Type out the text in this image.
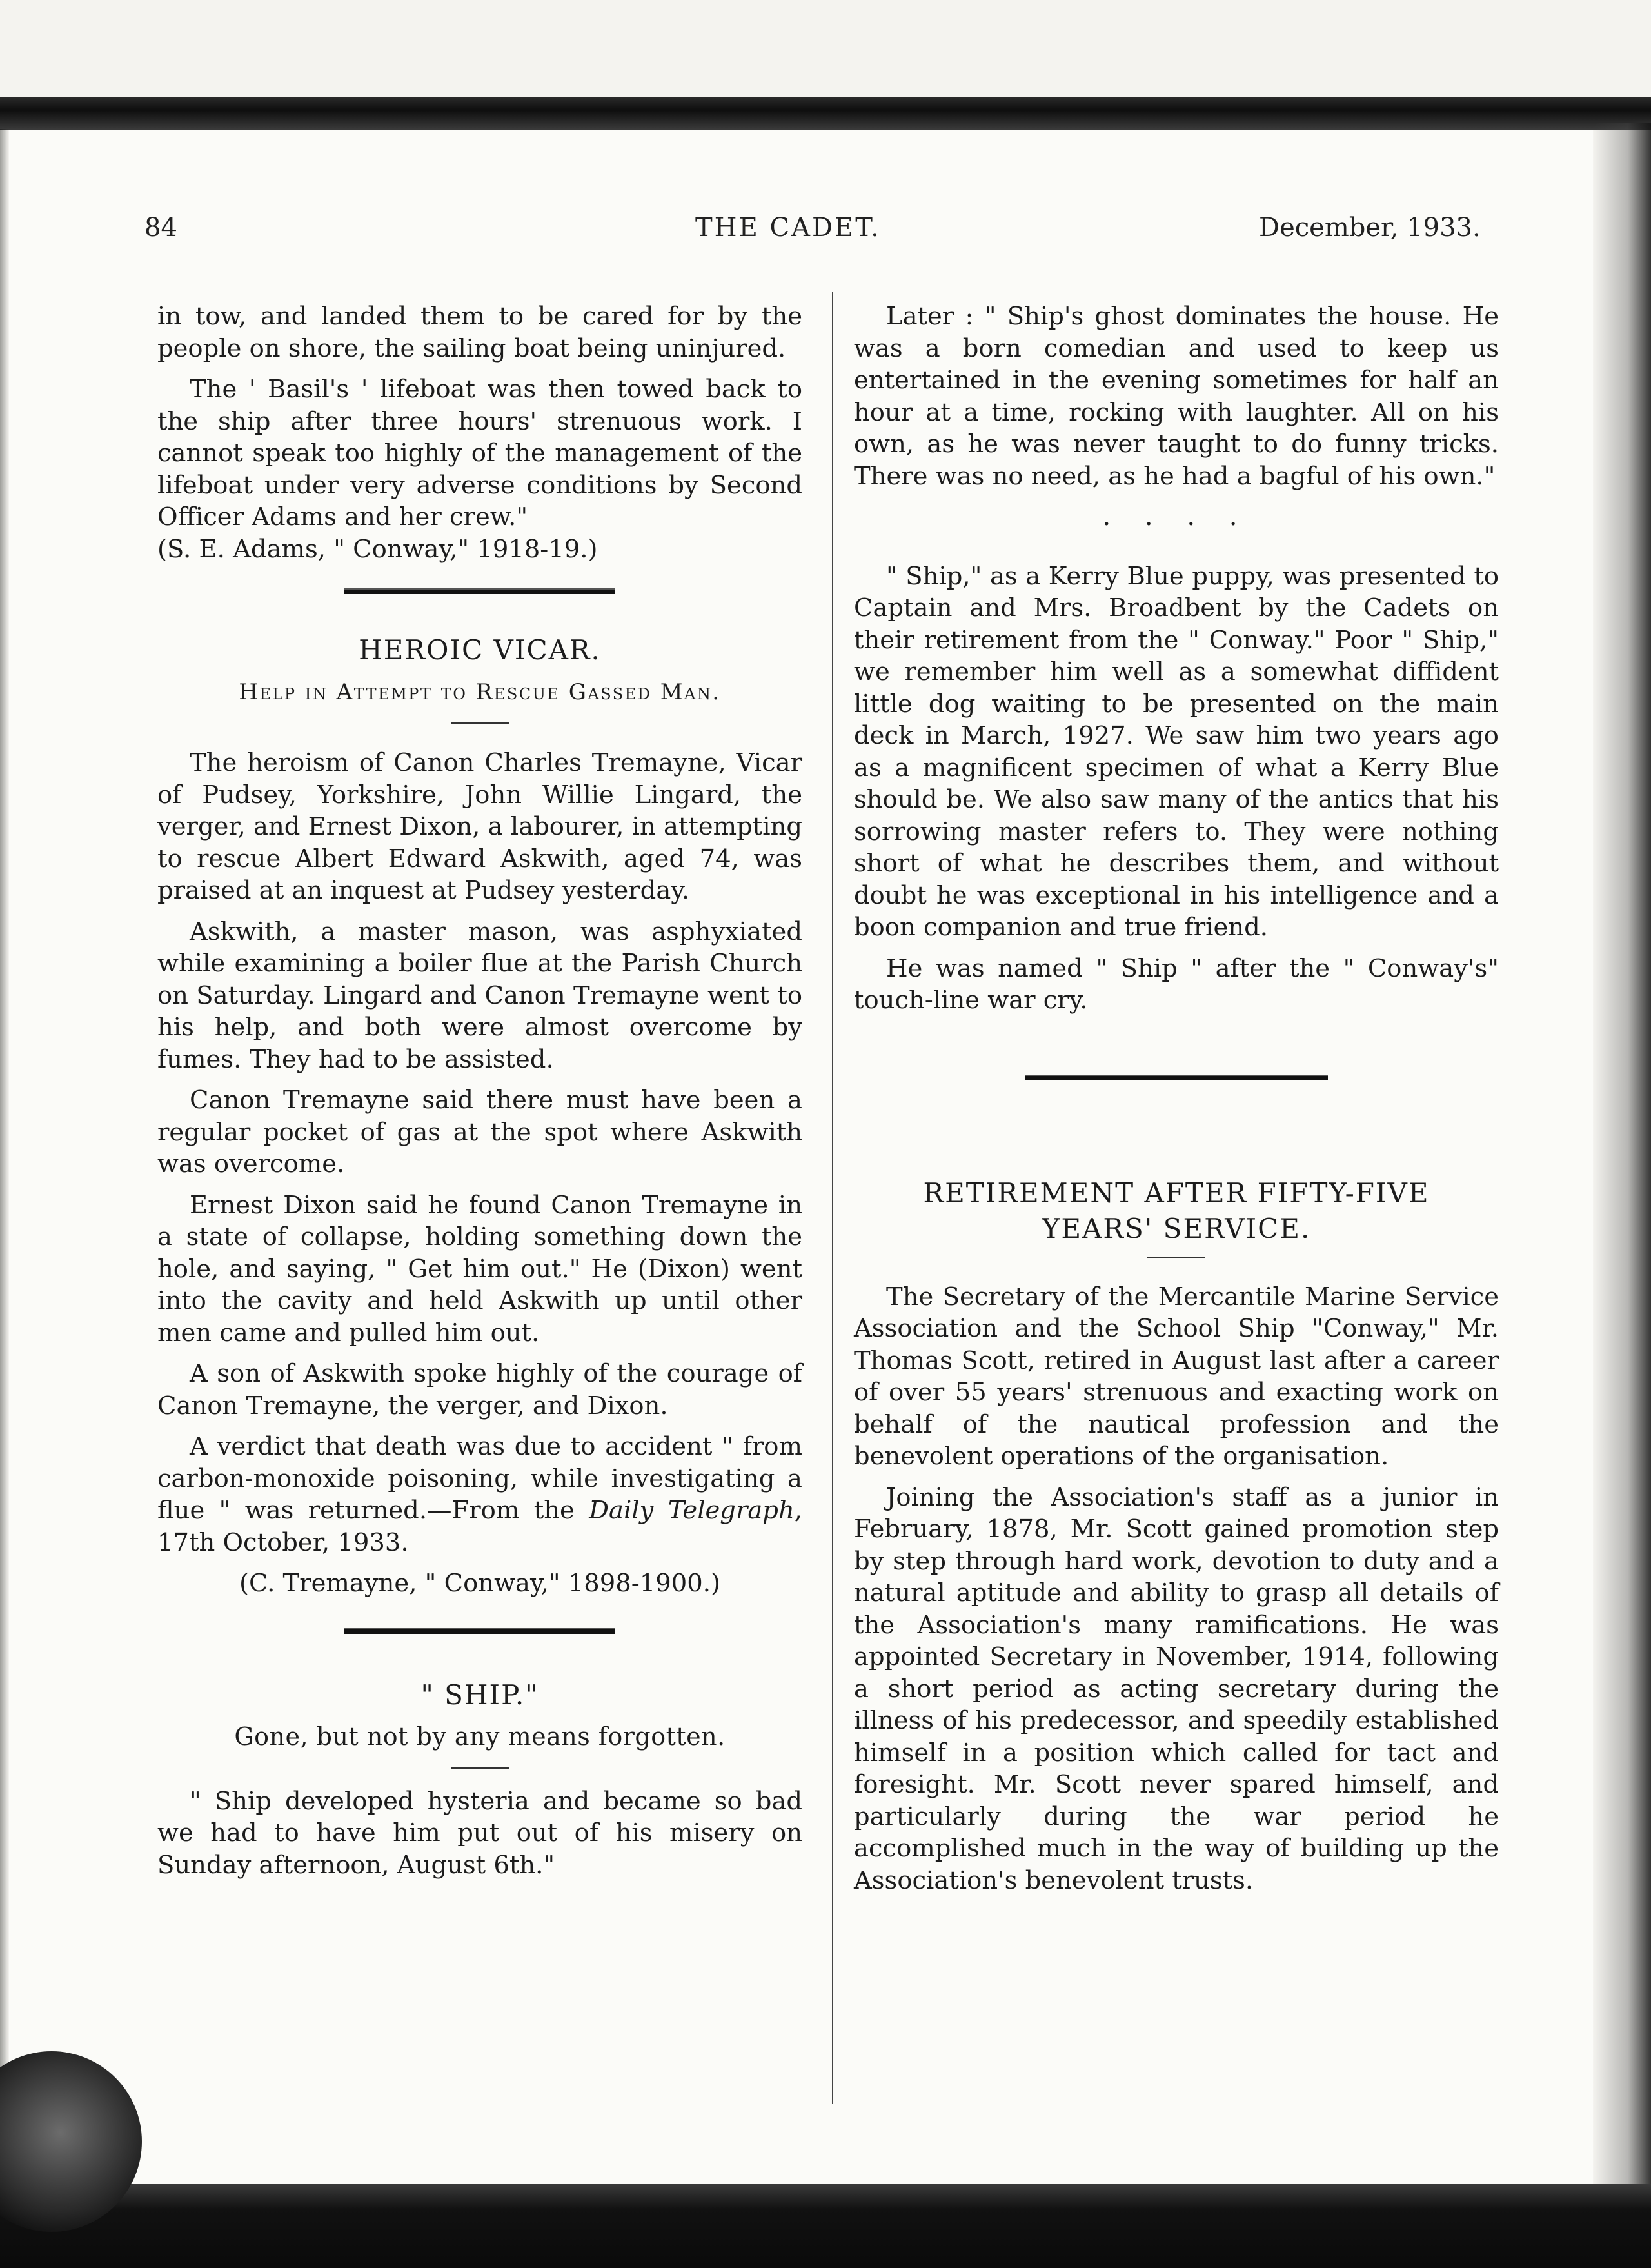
84	THE CADET.	December, 1933.

in tow, and landed them to be cared for by the people on shore, the sailing boat being uninjured.

The ' Basil's ' lifeboat was then towed back to the ship after three hours' strenuous work. I cannot speak too highly of the management of the lifeboat under very adverse conditions by Second Officer Adams and her crew."

(S. E. Adams, " Conway," 1918-19.)

HEROIC VICAR.
Help in Attempt to Rescue Gassed Man.

The heroism of Canon Charles Tremayne, Vicar of Pudsey, Yorkshire, John Willie Lingard, the verger, and Ernest Dixon, a labourer, in attempting to rescue Albert Edward Askwith, aged 74, was praised at an inquest at Pudsey yesterday.

Askwith, a master mason, was asphyxiated while examining a boiler flue at the Parish Church on Saturday. Lingard and Canon Tremayne went to his help, and both were almost overcome by fumes. They had to be assisted.

Canon Tremayne said there must have been a regular pocket of gas at the spot where Askwith was overcome.

Ernest Dixon said he found Canon Tremayne in a state of collapse, holding something down the hole, and saying, " Get him out." He (Dixon) went into the cavity and held Askwith up until other men came and pulled him out.

A son of Askwith spoke highly of the courage of Canon Tremayne, the verger, and Dixon.

A verdict that death was due to accident " from carbon-monoxide poisoning, while investigating a flue " was returned.—From the Daily Telegraph, 17th October, 1933.

(C. Tremayne, " Conway," 1898-1900.)

" SHIP."
Gone, but not by any means forgotten.

" Ship developed hysteria and became so bad we had to have him put out of his misery on Sunday afternoon, August 6th."

Later : " Ship's ghost dominates the house. He was a born comedian and used to keep us entertained in the evening sometimes for half an hour at a time, rocking with laughter. All on his own, as he was never taught to do funny tricks. There was no need, as he had a bagful of his own."

. . . .

" Ship," as a Kerry Blue puppy, was presented to Captain and Mrs. Broadbent by the Cadets on their retirement from the " Conway." Poor " Ship," we remember him well as a somewhat diffident little dog waiting to be presented on the main deck in March, 1927. We saw him two years ago as a magnificent specimen of what a Kerry Blue should be. We also saw many of the antics that his sorrowing master refers to. They were nothing short of what he describes them, and without doubt he was exceptional in his intelligence and a boon companion and true friend.

He was named " Ship " after the " Conway's" touch-line war cry.

RETIREMENT AFTER FIFTY-FIVE
YEARS' SERVICE.

The Secretary of the Mercantile Marine Service Association and the School Ship "Conway," Mr. Thomas Scott, retired in August last after a career of over 55 years' strenuous and exacting work on behalf of the nautical profession and the benevolent operations of the organisation.

Joining the Association's staff as a junior in February, 1878, Mr. Scott gained promotion step by step through hard work, devotion to duty and a natural aptitude and ability to grasp all details of the Association's many ramifications. He was appointed Secretary in November, 1914, following a short period as acting secretary during the illness of his predecessor, and speedily established himself in a position which called for tact and foresight. Mr. Scott never spared himself, and particularly during the war period he accomplished much in the way of building up the Association's benevolent trusts.
